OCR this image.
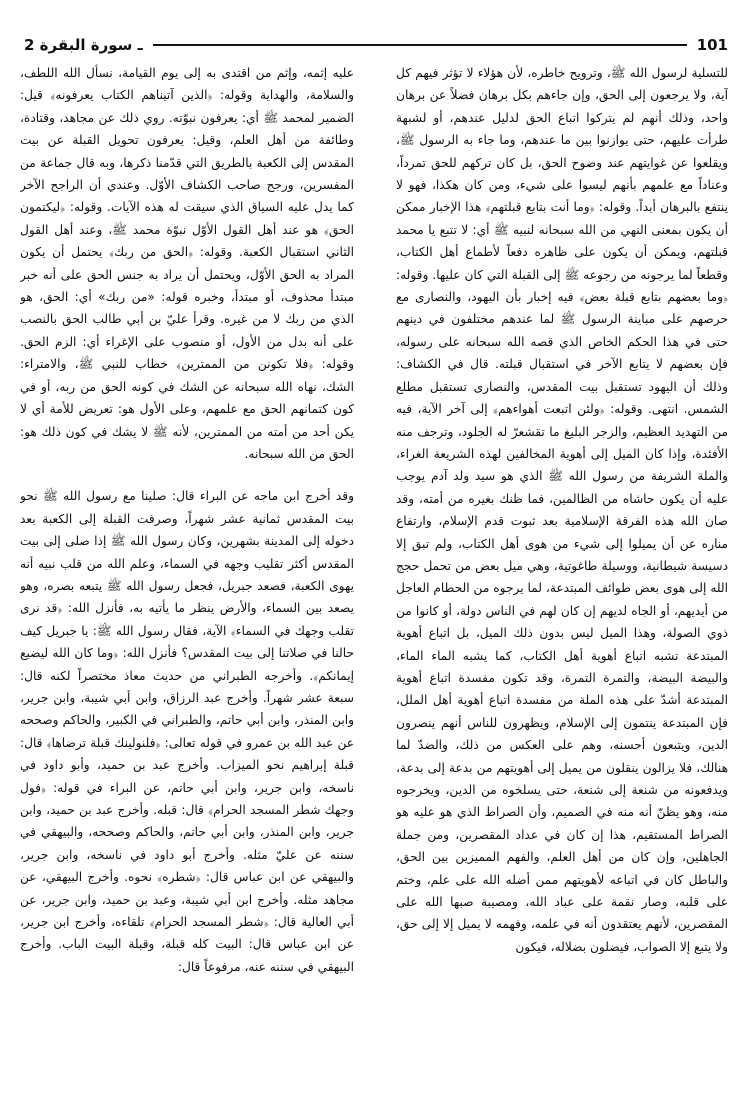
2 ـ سورة البقرة	101

للتسلية لرسول الله ﷺ، وترويح خاطره، لأن هؤلاء لا تؤثر فيهم كل آية، ولا يرجعون إلى الحق، وإن جاءهم بكل برهان فضلاً عن برهان واحد، وذلك أنهم لم يتركوا اتباع الحق لدليل عندهم، أو لشبهة طرأت عليهم، حتى يوازنوا بين ما عندهم، وما جاء به الرسول ﷺ، ويقلعوا عن غوايتهم عند وضوح الحق، بل كان تركهم للحق تمرداً، وعناداً مع علمهم بأنهم ليسوا على شيء، ومن كان هكذا، فهو لا ينتفع بالبرهان أبداً. وقوله: ﴿وما أنت بتابع قبلتهم﴾ هذا الإخبار ممكن أن يكون بمعنى النهي من الله سبحانه لنبيه ﷺ أي: لا تتبع يا محمد قبلتهم، ويمكن أن يكون على ظاهره دفعاً لأطماع أهل الكتاب، وقطعاً لما يرجونه من رجوعه ﷺ إلى القبلة التي كان عليها. وقوله: ﴿وما بعضهم بتابع قبلة بعض﴾ فيه إخبار بأن اليهود، والنصارى مع حرصهم على مباينة الرسول ﷺ لما عندهم مختلفون في دينهم حتى في هذا الحكم الخاص الذي قصه الله سبحانه على رسوله، فإن بعضهم لا يتابع الآخر في استقبال قبلته. قال في الكشاف: وذلك أن اليهود تستقبل بيت المقدس، والنصارى تستقبل مطلع الشمس. انتهى. وقوله: ﴿ولئن اتبعت أهواءهم﴾ إلى آخر الآية، فيه من التهديد العظيم، والزجر البليغ ما تقشعرّ له الجلود، وترجف منه الأفئدة، وإذا كان الميل إلى أهوية المخالفين لهذه الشريعة الغراء، والملة الشريفة من رسول الله ﷺ الذي هو سيد ولد آدم يوجب عليه أن يكون حاشاه من الظالمين، فما ظنك بغيره من أمته، وقد صان الله هذه الفرقة الإسلامية بعد ثبوت قدم الإسلام، وارتفاع مناره عن أن يميلوا إلى شيء من هوى أهل الكتاب، ولم تبق إلا دسيسة شيطانية، ووسيلة طاغوتية، وهي ميل بعض من تحمل حجج الله إلى هوى بعض طوائف المبتدعة، لما يرجوه من الحطام العاجل من أيديهم، أو الجاه لديهم إن كان لهم في الناس دولة، أو كانوا من ذوي الصولة، وهذا الميل ليس بدون ذلك الميل، بل اتباع أهوية المبتدعة تشبه اتباع أهوية أهل الكتاب، كما يشبه الماء الماء، والبيضة البيضة، والتمرة التمرة، وقد تكون مفسدة اتباع أهوية المبتدعة أشدّ على هذه الملة من مفسدة اتباع أهوية أهل الملل، فإن المبتدعة ينتمون إلى الإسلام، ويظهرون للناس أنهم ينصرون الدين، ويتبعون أحسنه، وهم على العكس من ذلك، والضدّ لما هنالك، فلا يزالون ينقلون من يميل إلى أهويتهم من بدعة إلى بدعة، ويدفعونه من شنعة إلى شنعة، حتى يسلخوه من الدين، ويخرجوه منه، وهو يظنّ أنه منه في الصميم، وأن الصراط الذي هو عليه هو الصراط المستقيم، هذا إن كان في عداد المقصرين، ومن جملة الجاهلين، وإن كان من أهل العلم، والفهم المميزين بين الحق، والباطل كان في اتباعه لأهويتهم ممن أضله الله على علم، وختم على قلبه، وصار نقمة على عباد الله، ومصيبة صبها الله على المقصرين، لأنهم يعتقدون أنه في علمه، وفهمه لا يميل إلا إلى حق، ولا يتبع إلا الصواب، فيضلون بضلاله، فيكون

عليه إثمه، وإثم من اقتدى به إلى يوم القيامة، نسأل الله اللطف، والسلامة، والهداية وقوله: ﴿الذين آتيناهم الكتاب يعرفونه﴾ قيل: الضمير لمحمد ﷺ أي: يعرفون نبوّته. روي ذلك عن مجاهد، وقتادة، وطائفة من أهل العلم، وقيل: يعرفون تحويل القبلة عن بيت المقدس إلى الكعبة بالطريق التي قدّمنا ذكرها، وبه قال جماعة من المفسرين، ورجح صاحب الكشاف الأوّل. وعندي أن الراجح الآخر كما يدل عليه السياق الذي سيقت له هذه الآيات. وقوله: ﴿ليكتمون الحق﴾ هو عند أهل القول الأوّل نبوّة محمد ﷺ، وعند أهل القول الثاني استقبال الكعبة. وقوله: ﴿الحق من ربك﴾ يحتمل أن يكون المراد به الحق الأوّل، ويحتمل أن يراد به جنس الحق على أنه خبر مبتدأ محذوف، أو مبتدأ، وخبره قوله: «من ربك» أي: الحق، هو الذي من ربك لا من غيره. وقرأ عليّ بن أبي طالب الحق بالنصب على أنه بدل من الأول، أو منصوب على الإغراء أي: الزم الحق. وقوله: ﴿فلا تكونن من الممترين﴾ خطاب للنبي ﷺ، والامتراء: الشك، نهاه الله سبحانه عن الشك في كونه الحق من ربه، أو في كون كتمانهم الحق مع علمهم، وعلى الأول هو: تعريض للأمة أي لا يكن أحد من أمته من الممترين، لأنه ﷺ لا يشك في كون ذلك هو: الحق من الله سبحانه.

وقد أخرج ابن ماجه عن البراء قال: صلينا مع رسول الله ﷺ نحو بيت المقدس ثمانية عشر شهراً، وصرفت القبلة إلى الكعبة بعد دخوله إلى المدينة بشهرين، وكان رسول الله ﷺ إذا صلى إلى بيت المقدس أكثر تقليب وجهه في السماء، وعلم الله من قلب نبيه أنه يهوى الكعبة، فصعد جبريل، فجعل رسول الله ﷺ يتبعه بصره، وهو يصعد بين السماء، والأرض ينظر ما يأتيه به، فأنزل الله: ﴿قد نرى تقلب وجهك في السماء﴾ الآية، فقال رسول الله ﷺ: يا جبريل كيف حالنا في صلاتنا إلى بيت المقدس؟ فأنزل الله: ﴿وما كان الله ليضيع إيمانكم﴾. وأخرجه الطبراني من حديث معاذ مختصراً لكنه قال: سبعة عشر شهراً. وأخرج عبد الرزاق، وابن أبي شيبة، وابن جرير، وابن المنذر، وابن أبي حاتم، والطبراني في الكبير، والحاكم وصححه عن عبد الله بن عمرو في قوله تعالى: ﴿فلنولينك قبلة ترضاها﴾ قال: قبلة إبراهيم نحو الميزاب. وأخرج عبد بن حميد، وأبو داود في ناسخه، وابن جرير، وابن أبي حاتم، عن البراء في قوله: ﴿فول وجهك شطر المسجد الحرام﴾ قال: قبله. وأخرج عبد بن حميد، وابن جرير، وابن المنذر، وابن أبي حاتم، والحاكم وصححه، والبيهقي في سننه عن عليّ مثله. وأخرج أبو داود في ناسخه، وابن جرير، والبيهقي عن ابن عباس قال: ﴿شطره﴾ نحوه. وأخرج البيهقي، عن مجاهد مثله. وأخرج ابن أبي شيبة، وعبد بن حميد، وابن جرير، عن أبي العالية قال: ﴿شطر المسجد الحرام﴾ تلقاءه، وأخرج ابن جرير، عن ابن عباس قال: البيت كله قبلة، وقبلة البيت الباب. وأخرج البيهقي في سننه عنه، مرفوعاً قال:
